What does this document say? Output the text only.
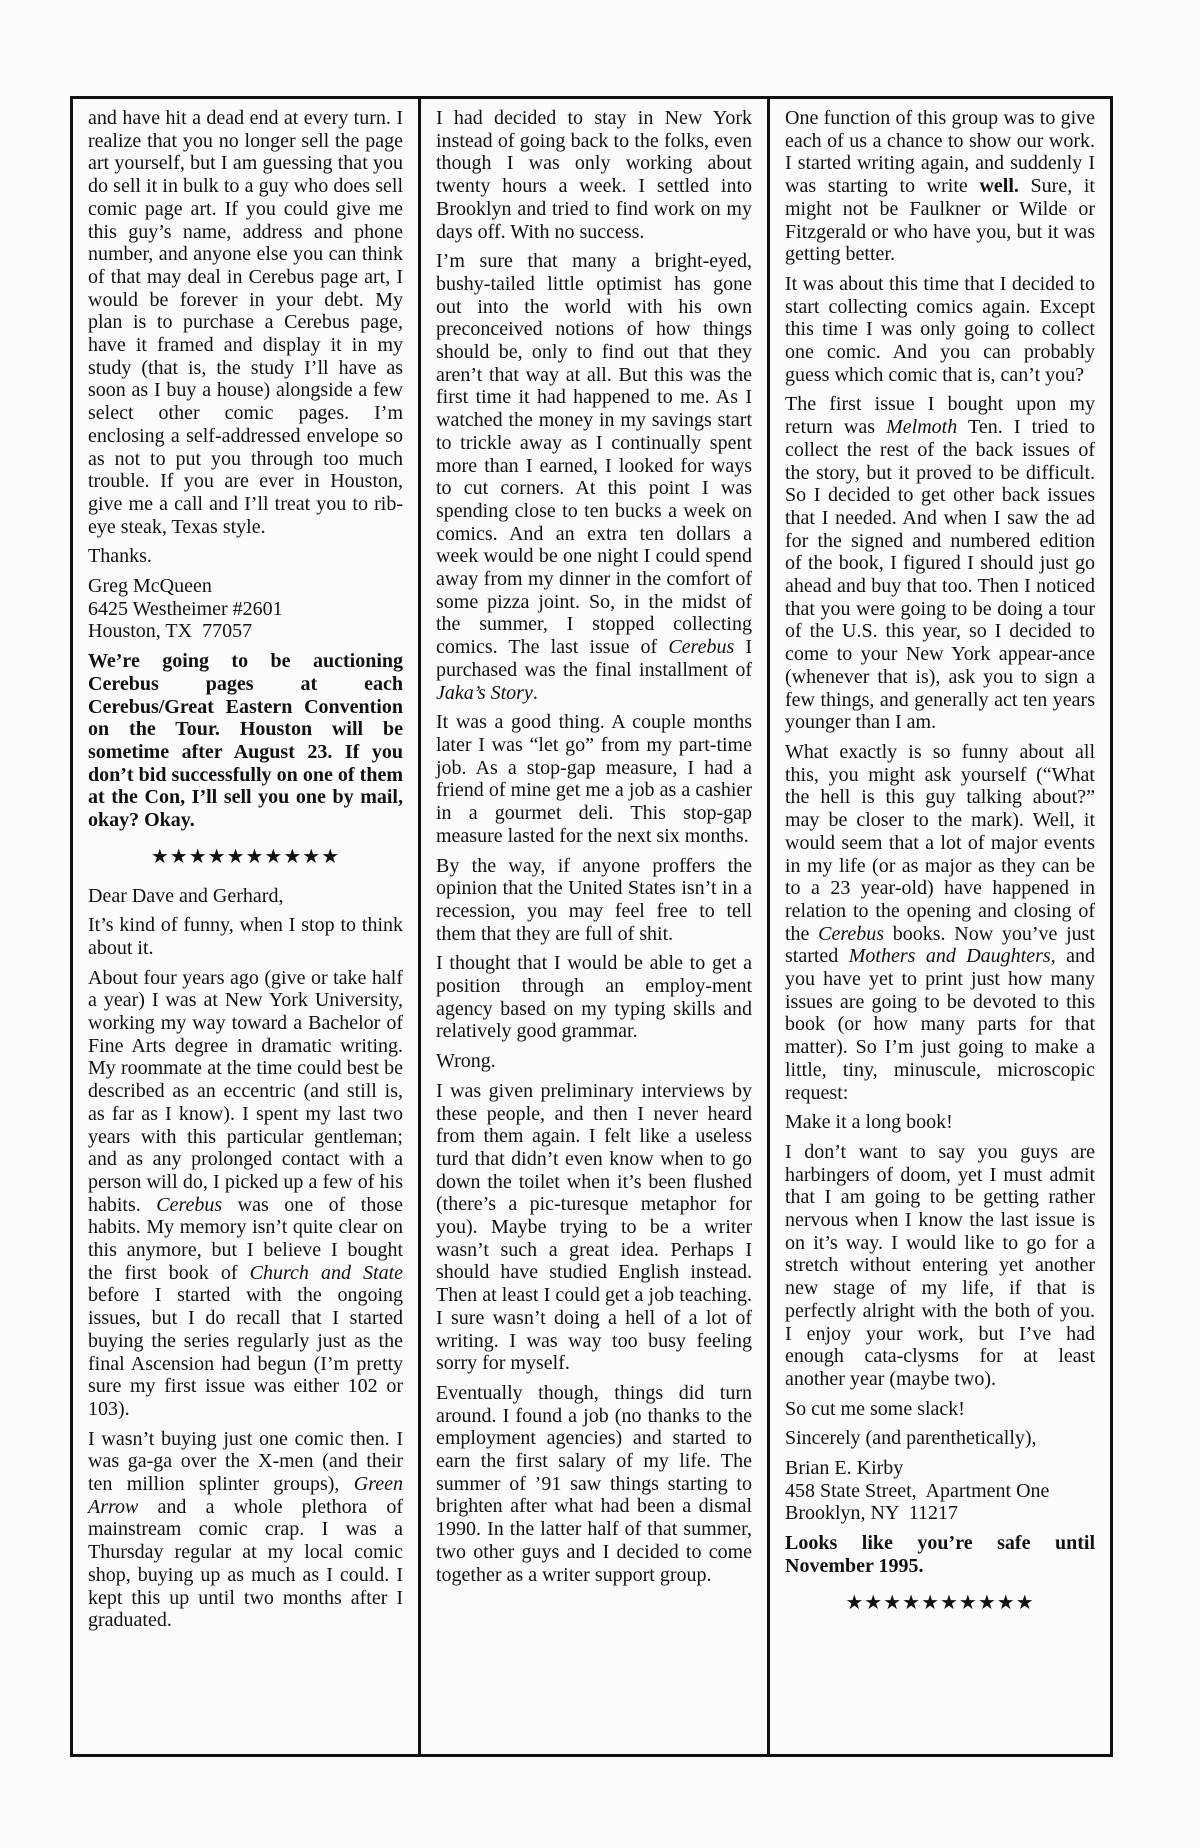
and have hit a dead end at every turn. I realize that you no longer sell the page art yourself, but I am guessing that you do sell it in bulk to a guy who does sell comic page art. If you could give me this guy’s name, address and phone number, and anyone else you can think of that may deal in Cerebus page art, I would be forever in your debt. My plan is to purchase a Cerebus page, have it framed and display it in my study (that is, the study I’ll have as soon as I buy a house) alongside a few select other comic pages. I’m enclosing a self-addressed envelope so as not to put you through too much trouble. If you are ever in Houston, give me a call and I’ll treat you to rib-eye steak, Texas style.

Thanks.

Greg McQueen
6425 Westheimer #2601
Houston, TX  77057

We’re going to be auctioning Cerebus pages at each Cerebus/Great Eastern Convention on the Tour. Houston will be sometime after August 23. If you don’t bid successfully on one of them at the Con, I’ll sell you one by mail, okay? Okay.

★★★★★★★★★★

Dear Dave and Gerhard,

It’s kind of funny, when I stop to think about it.

About four years ago (give or take half a year) I was at New York University, working my way toward a Bachelor of Fine Arts degree in dramatic writing. My roommate at the time could best be described as an eccentric (and still is, as far as I know). I spent my last two years with this particular gentleman; and as any prolonged contact with a person will do, I picked up a few of his habits. Cerebus was one of those habits. My memory isn’t quite clear on this anymore, but I believe I bought the first book of Church and State before I started with the ongoing issues, but I do recall that I started buying the series regularly just as the final Ascension had begun (I’m pretty sure my first issue was either 102 or 103).

I wasn’t buying just one comic then. I was ga-ga over the X-men (and their ten million splinter groups), Green Arrow and a whole plethora of mainstream comic crap. I was a Thursday regular at my local comic shop, buying up as much as I could. I kept this up until two months after I graduated.

I had decided to stay in New York instead of going back to the folks, even though I was only working about twenty hours a week. I settled into Brooklyn and tried to find work on my days off. With no success.

I’m sure that many a bright-eyed, bushy-tailed little optimist has gone out into the world with his own preconceived notions of how things should be, only to find out that they aren’t that way at all. But this was the first time it had happened to me. As I watched the money in my savings start to trickle away as I continually spent more than I earned, I looked for ways to cut corners. At this point I was spending close to ten bucks a week on comics. And an extra ten dollars a week would be one night I could spend away from my dinner in the comfort of some pizza joint. So, in the midst of the summer, I stopped collecting comics. The last issue of Cerebus I purchased was the final installment of Jaka’s Story.

It was a good thing. A couple months later I was “let go” from my part-time job. As a stop-gap measure, I had a friend of mine get me a job as a cashier in a gourmet deli. This stop-gap measure lasted for the next six months.

By the way, if anyone proffers the opinion that the United States isn’t in a recession, you may feel free to tell them that they are full of shit.

I thought that I would be able to get a position through an employ-ment agency based on my typing skills and relatively good grammar.

Wrong.

I was given preliminary interviews by these people, and then I never heard from them again. I felt like a useless turd that didn’t even know when to go down the toilet when it’s been flushed (there’s a pic-turesque metaphor for you). Maybe trying to be a writer wasn’t such a great idea. Perhaps I should have studied English instead. Then at least I could get a job teaching. I sure wasn’t doing a hell of a lot of writing. I was way too busy feeling sorry for myself.

Eventually though, things did turn around. I found a job (no thanks to the employment agencies) and started to earn the first salary of my life. The summer of ’91 saw things starting to brighten after what had been a dismal 1990. In the latter half of that summer, two other guys and I decided to come together as a writer support group.

One function of this group was to give each of us a chance to show our work. I started writing again, and suddenly I was starting to write well. Sure, it might not be Faulkner or Wilde or Fitzgerald or who have you, but it was getting better.

It was about this time that I decided to start collecting comics again. Except this time I was only going to collect one comic. And you can probably guess which comic that is, can’t you?

The first issue I bought upon my return was Melmoth Ten. I tried to collect the rest of the back issues of the story, but it proved to be difficult. So I decided to get other back issues that I needed. And when I saw the ad for the signed and numbered edition of the book, I figured I should just go ahead and buy that too. Then I noticed that you were going to be doing a tour of the U.S. this year, so I decided to come to your New York appear-ance (whenever that is), ask you to sign a few things, and generally act ten years younger than I am.

What exactly is so funny about all this, you might ask yourself (“What the hell is this guy talking about?” may be closer to the mark). Well, it would seem that a lot of major events in my life (or as major as they can be to a 23 year-old) have happened in relation to the opening and closing of the Cerebus books. Now you’ve just started Mothers and Daughters, and you have yet to print just how many issues are going to be devoted to this book (or how many parts for that matter). So I’m just going to make a little, tiny, minuscule, microscopic request:

Make it a long book!

I don’t want to say you guys are harbingers of doom, yet I must admit that I am going to be getting rather nervous when I know the last issue is on it’s way. I would like to go for a stretch without entering yet another new stage of my life, if that is perfectly alright with the both of you. I enjoy your work, but I’ve had enough cata-clysms for at least another year (maybe two).

So cut me some slack!

Sincerely (and parenthetically),

Brian E. Kirby
458 State Street,  Apartment One
Brooklyn, NY  11217

Looks like you’re safe until November 1995.

★★★★★★★★★★
